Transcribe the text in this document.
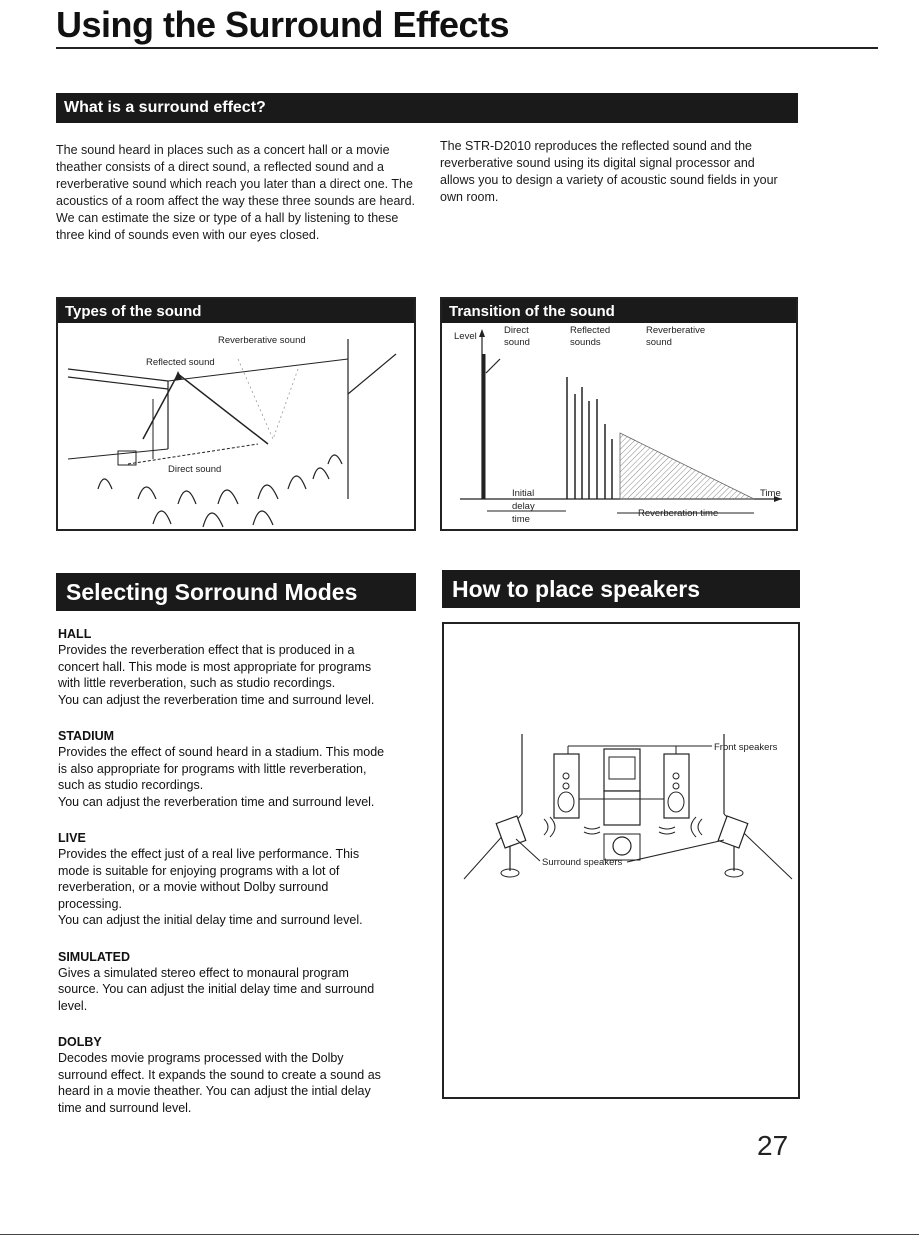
Using the Surround Effects
What is a surround effect?

The sound heard in places such as a concert hall or a movie theather consists of a direct sound, a reflected sound and a reverberative sound which reach you later than a direct one. The acoustics of a room affect the way these three sounds are heard. We can estimate the size or type of a hall by listening to these three kind of sounds even with our eyes closed.

The STR-D2010 reproduces the reflected sound and the reverberative sound using its digital signal processor and allows you to design a variety of acoustic sound fields in your own room.

Types of the sound
Reverberative sound
Reflected sound
Direct sound
Transition of the sound
Level
Direct
sound
Reflected
sounds
Reverberative
sound
Initial
delay
time
Reverberation time
Time
Selecting Sorround Modes

HALL

Provides the reverberation effect that is produced in a
concert hall. This mode is most appropriate for programs
with little reverberation, such as studio recordings.
You can adjust the reverberation time and surround level.

STADIUM

Provides the effect of sound heard in a stadium. This mode
is also appropriate for programs with little reverberation,
such as studio recordings.
You can adjust the reverberation time and surround level.

LIVE

Provides the effect just of a real live performance. This
mode is suitable for enjoying programs with a lot of
reverberation, or a movie without Dolby surround
processing.
You can adjust the initial delay time and surround level.

SIMULATED

Gives a simulated stereo effect to monaural program
source. You can adjust the initial delay time and surround
level.

DOLBY

Decodes movie programs processed with the Dolby
surround effect. It expands the sound to create a sound as
heard in a movie theather. You can adjust the intial delay
time and surround level.

How to place speakers
Front speakers
Surround speakers
27
